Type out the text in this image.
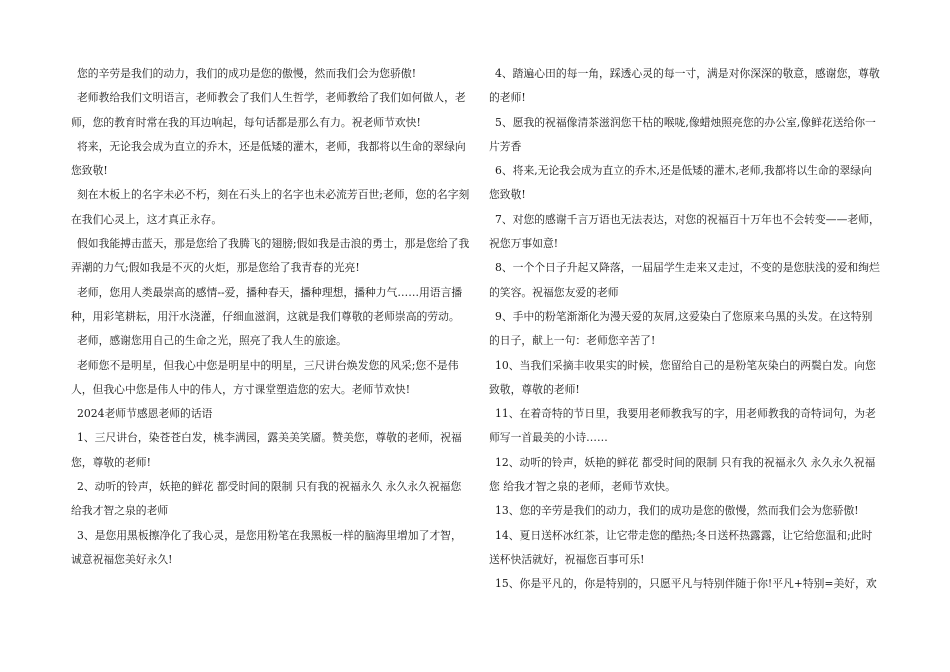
您的辛劳是我们的动力，我们的成功是您的傲慢，然而我们会为您骄傲!

老师教给我们文明语言，老师教会了我们人生哲学，老师教给了我们如何做人，老师，您的教育时常在我的耳边响起，每句话都是那么有力。祝老师节欢快!

将来，无论我会成为直立的乔木，还是低矮的灌木，老师，我都将以生命的翠绿向您致敬!

刻在木板上的名字未必不朽，刻在石头上的名字也未必流芳百世;老师，您的名字刻在我们心灵上，这才真正永存。

假如我能搏击蓝天，那是您给了我腾飞的翅膀;假如我是击浪的勇士，那是您给了我弄潮的力气;假如我是不灭的火炬，那是您给了我青春的光亮!

老师，您用人类最崇高的感情--爱，播种春天，播种理想，播种力气……用语言播种，用彩笔耕耘，用汗水浇灌，仔细血滋润，这就是我们尊敬的老师崇高的劳动。

老师，感谢您用自己的生命之光，照亮了我人生的旅途。

老师您不是明星，但我心中您是明星中的明星，三尺讲台焕发您的风采;您不是伟人，但我心中您是伟人中的伟人，方寸课堂塑造您的宏大。老师节欢快!

2024老师节感恩老师的话语

1、三尺讲台，染苍苍白发，桃李满园，露美美笑靥。赞美您，尊敬的老师，祝福您，尊敬的老师!

2、动听的铃声，妖艳的鲜花 都受时间的限制 只有我的祝福永久 永久永久祝福您 给我才智之泉的老师

3、是您用黑板擦净化了我心灵，是您用粉笔在我黑板一样的脑海里增加了才智，诚意祝福您美好永久!

4、踏遍心田的每一角，踩透心灵的每一寸，满是对你深深的敬意，感谢您，尊敬的老师!

5、愿我的祝福像清茶滋润您干枯的喉咙,像蜡烛照亮您的办公室,像鲜花送给你一片芳香

6、将来,无论我会成为直立的乔木,还是低矮的灌木,老师,我都将以生命的翠绿向您致敬!

7、对您的感谢千言万语也无法表达，对您的祝福百十万年也不会转变——老师，祝您万事如意!

8、一个个日子升起又降落，一届届学生走来又走过，不变的是您肤浅的爱和绚烂的笑容。祝福您友爱的老师

9、手中的粉笔渐渐化为漫天爱的灰屑,这爱染白了您原来乌黑的头发。在这特别的日子，献上一句：老师您辛苦了!

10、当我们采摘丰收果实的时候，您留给自己的是粉笔灰染白的两鬓白发。向您致敬，尊敬的老师!

11、在着奇特的节日里，我要用老师教我写的字，用老师教我的奇特词句，为老师写一首最美的小诗……

12、动听的铃声，妖艳的鲜花 都受时间的限制 只有我的祝福永久 永久永久祝福您 给我才智之泉的老师，老师节欢快。

13、您的辛劳是我们的动力，我们的成功是您的傲慢，然而我们会为您骄傲!

14、夏日送杯冰红茶，让它带走您的酷热;冬日送杯热露露，让它给您温和;此时送杯快活就好，祝福您百事可乐!

15、你是平凡的，你是特别的，只愿平凡与特别伴随于你!平凡+特别=美好，欢
